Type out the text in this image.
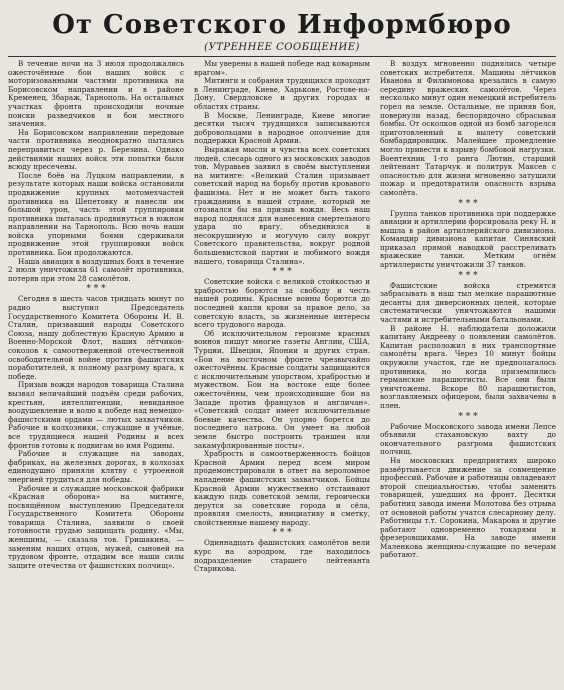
От Советского Информбюро
(УТРЕННЕЕ СООБЩЕНИЕ)

В течение ночи на 3 июля продолжались ожесточённые бои наших войск с моторизованными частями противника на Борисовском направлении и в районе Кременец, Збараж, Тарнополь. На остальных участках фронта происходили ночные поиски разведчиков и бои местного значения.

На Борисовском направлении передовые части противника неоднократно пытались переправиться через р. Березина. Однако действиями наших войск эти попытки были всюду пресечены.

После боёв на Луцком направлении, в результате которых наши войска остановили продвижение крупных мотомехчастей противника на Шепетовку и нанесли им большой урон, часть этой группировки противника пыталась продвинуться в южном направлении на Тарнополь. Всю ночь наши войска упорными боями сдерживали продвижение этой группировки войск противника. Бои продолжаются.

Наша авиация в воздушных боях в течение 2 июля уничтожила 61 самолёт противника, потеряв при этом 28 самолётов.

* * *

Сегодня в шесть часов тридцать минут по радио выступил Председатель Государственного Комитета Обороны И. В. Сталин, призвавший народы Советского Союза, нашу доблестную Красную Армию и Военно-Морской Флот, наших лётчиков-соколов к самоотверженной отечественной освободительной войне против фашистских поработителей, к полному разгрому врага, к победе.

Призыв вождя народов товарища Сталина вызвал величайший подъём среди рабочих, крестьян, интеллигенции, невиданное воодушевление и волю к победе над немецко-фашистскими ордами — лютых захватчиков. Рабочие и колхозники, служащие и учёные, все трудящиеся нашей Родины и всех фронтов готовы к подвигам во имя Родины.

Рабочие и служащие на заводах, фабриках, на железных дорогах, в колхозах единодушно приняли клятву с утроенной энергией трудиться для победы.

Рабочие и служащие московской фабрики «Красная оборона» на митинге, посвящённом выступлению Председателя Государственного Комитета Обороны товарища Сталина, заявили о своей готовности грудью защищать родину. «Мы, женщины, — сказала тов. Гришакина, — заменим наших отцов, мужей, сыновей на трудовом фронте, отдадим все наши силы защите отечества от фашистских полчищ».

Мы уверены в нашей победе над коварным врагом».

Митинги и собрания трудящихся проходят в Ленинграде, Киеве, Харькове, Ростове-на-Дону, Свердловске и других городах и областях страны.

В Москве, Ленинграде, Киеве многие десятки тысяч трудящихся записываются добровольцами в народное ополчение для поддержки Красной Армии.

Выражая мысли и чувства всех советских людей, слесарь одного из московских заводов тов. Муравьев заявил в своём выступлении на митинге: «Великий Сталин призывает советский народ на борьбу против кровавого фашизма. Нет и не может быть такого гражданина в нашей стране, который не отозвался бы на призыв вождя. Весь наш народ поднялся для нанесения смертельного удара по врагу, объединился в несокрушимую и могучую силу вокруг Советского правительства, вокруг родной большевистской партии и любимого вождя нашего, товарища Сталина».

* * *

Советские войска с великой стойкостью и храбростью борются за свободу и честь нашей родины. Красные воины борются до последней капли крови за правое дело, за советскую власть, за жизненные интересы всего трудового народа.

Об исключительном героизме красных воинов пишут многие газеты Англии, США, Турции, Швеции, Японии и других стран. «Бои на восточном фронте чрезвычайно ожесточённы. Красные солдаты защищаются с исключительным упорством, храбростью и мужеством. Бои на востоке еще более ожесточённы, чем происходившие бои на Западе против французов и англичан». «Советский солдат имеет исключительные боевые качества. Он упорно борется до последнего патрона. Он умеет на любой земле быстро построить траншеи или закамуфлированные посты».

Храбрость и самоотверженность бойцов Красной Армии перед всем миром продемонстрировали в ответ на вероломное нападение фашистских захватчиков. Бойцы Красной Армии мужественно отстаивают каждую пядь советской земли, героически дерутся за советские города и сёла, проявляя смелость, инициативу и сметку, свойственные нашему народу.

* * *

Одиннадцать фашистских самолётов вели курс на аэродром, где находилось подразделение старшего лейтенанта Старикова.

В воздух мгновенно поднялись четыре советских истребителя. Машины лётчиков Иванова и Филимонова врезались в самую середину вражеских самолётов. Через несколько минут один немецкий истребитель горел на земле. Остальные, не приняв боя, повернули назад, беспорядочно сбрасывая бомбы. От осколков одной из бомб загорелся приготовленный к вылету советский бомбардировщик. Малейшее промедление могло привести к взрыву бомбовой нагрузки. Воентехник 1-го ранга Лютин, старший лейтенант Татарчук и политрук Максев с опасностью для жизни мгновенно затушили пожар и предотвратили опасность взрыва самолёта.

* * *

Группа танков противника при поддержке авиации и артиллерии форсировала реку Н. и вышла в район артиллерийского дивизиона. Командир дивизиона капитан Синявский приказал прямой наводкой расстреливать вражеские танки. Метким огнём артиллеристы уничтожили 37 танков.

* * *

Фашистские войска стремятся забрасывать в наш тыл мелкие парашютные десанты для диверсионных целей, которые систематически уничтожаются нашими частями и истребительными батальонами.

В районе Н. наблюдатели доложили капитану Андрееву о появлении самолётов. Капитан расположил в них транспортные самолёты врага. Через 10 минут бойцы окружили участок, где не предполагалось противника, но когда приземлились германские парашютисты. Все они были уничтожены. Вскоре 80 парашютистов, возглавляемых офицером, были захвачены в плен.

* * *

Рабочие Московского завода имени Лепсе объявили стахановскую вахту до окончательного разгрома фашистских полчищ.

На московских предприятиях широко развёртывается движение за совмещение профессий. Рабочие и работницы овладевают второй специальностью, чтобы заменить товарищей, ушедших на фронт. Десятки работниц завода имени Молотова без отрыва от основной работы учатся слесарному делу. Работницы т.т. Сорокина, Макарова и другие работают одновременно токарями и фрезеровщиками. На заводе имени Маленкова женщины-служащие по вечерам работают.
